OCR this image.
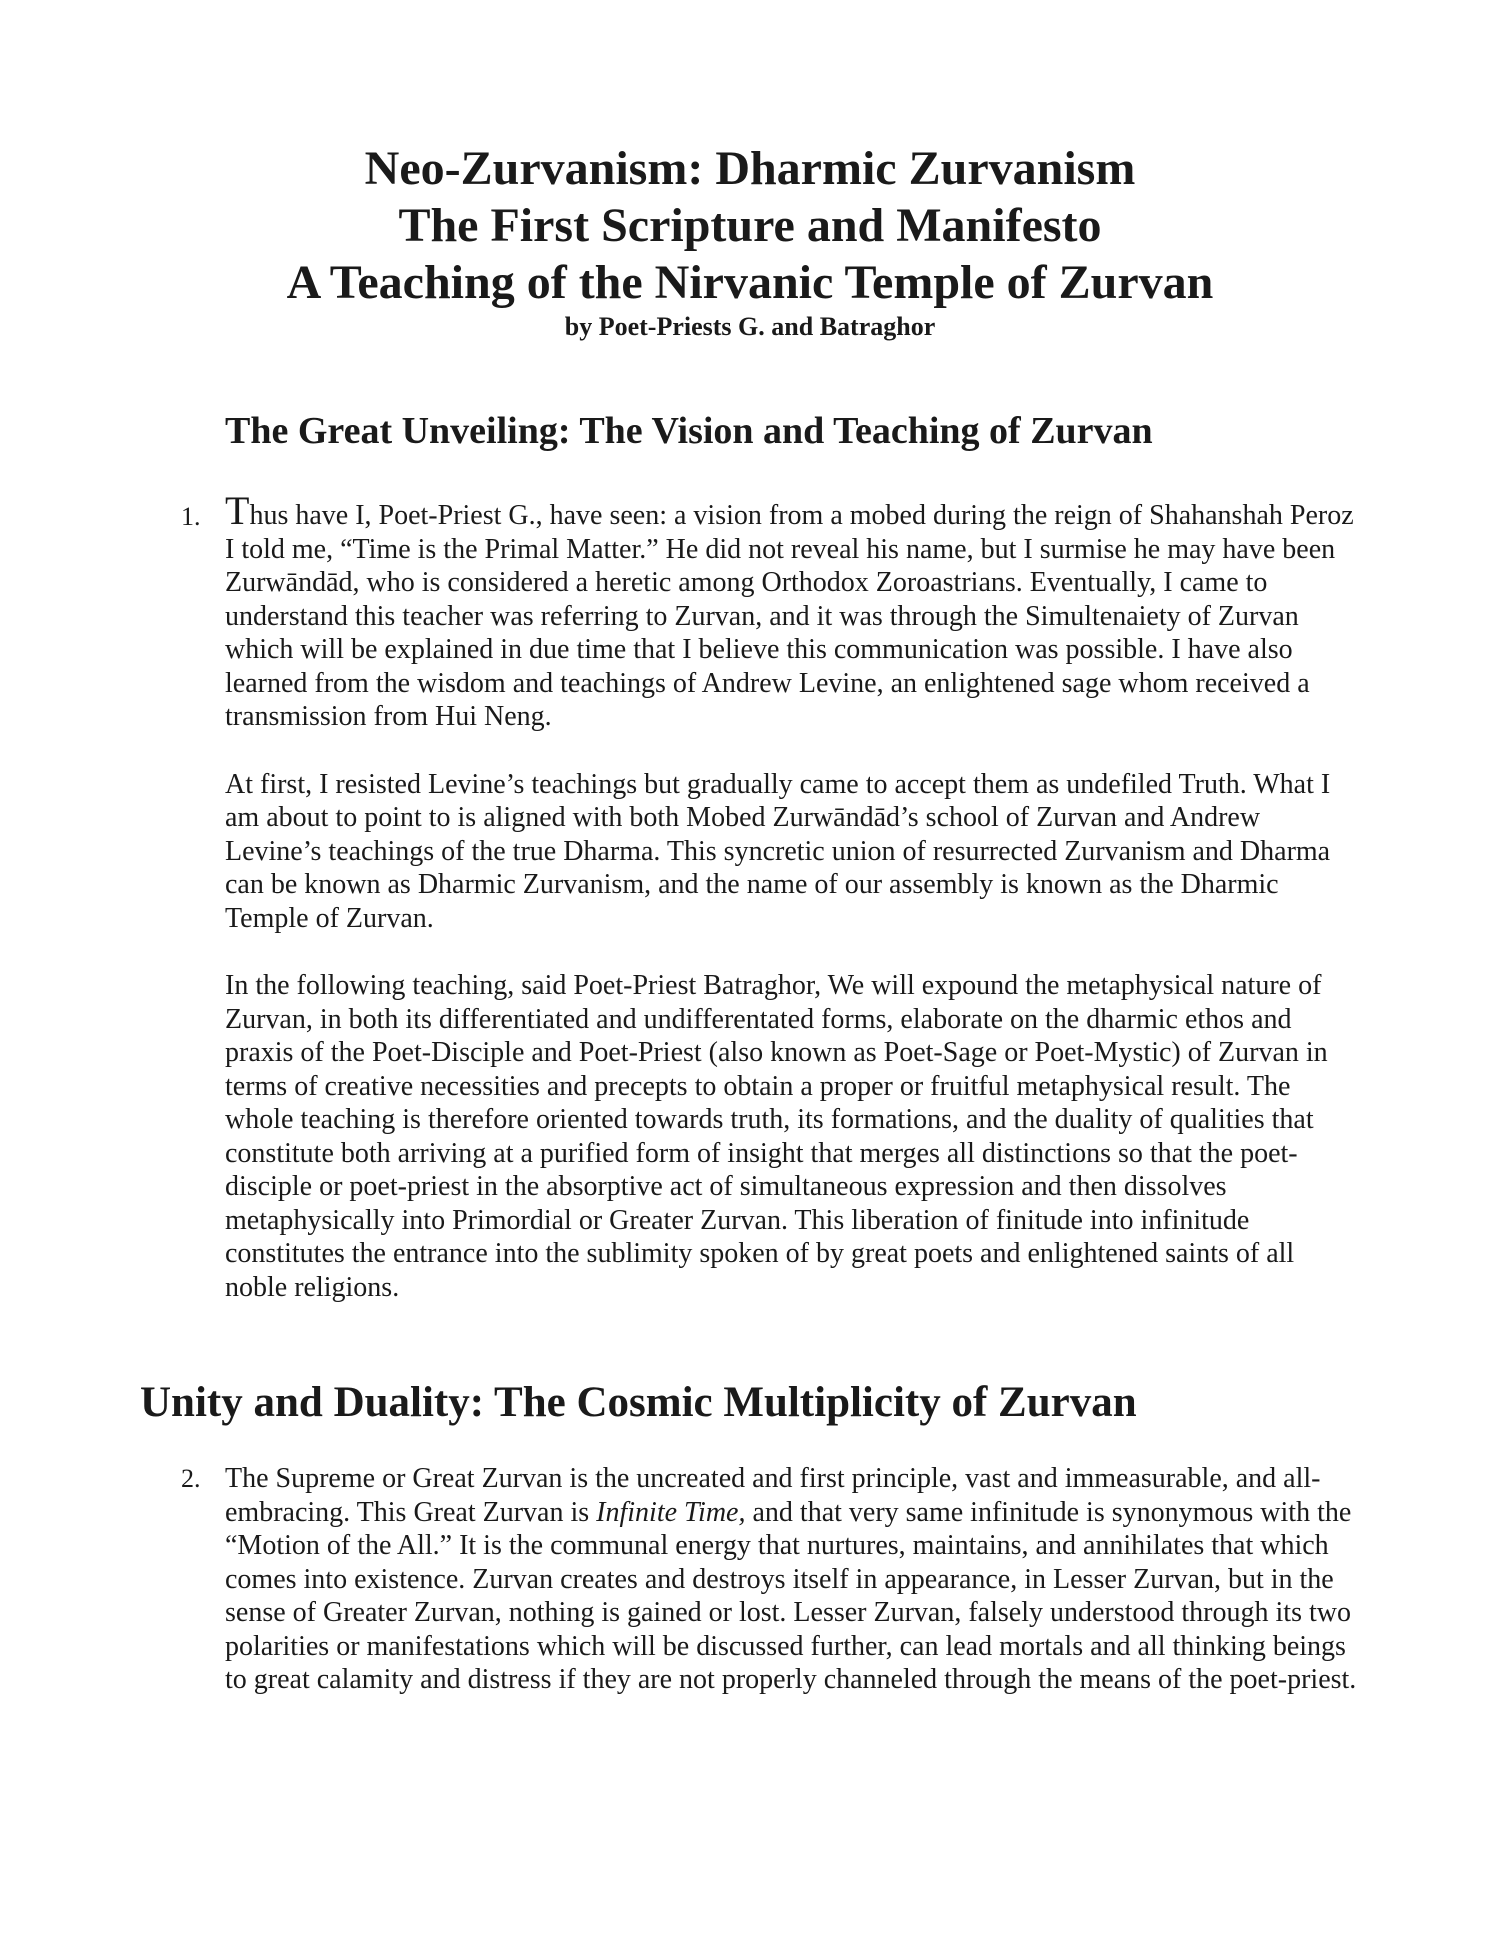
Neo-Zurvanism: Dharmic Zurvanism

The First Scripture and Manifesto

A Teaching of the Nirvanic Temple of Zurvan

by Poet-Priests G. and Batraghor

The Great Unveiling: The Vision and Teaching of Zurvan
1. Thus have I, Poet-Priest G., have seen: a vision from a mobed during the reign of Shahanshah Peroz I told me, “Time is the Primal Matter.” He did not reveal his name, but I surmise he may have been Zurwāndād, who is considered a heretic among Orthodox Zoroastrians. Eventually, I came to understand this teacher was referring to Zurvan, and it was through the Simultenaiety of Zurvan which will be explained in due time that I believe this communication was possible. I have also learned from the wisdom and teachings of Andrew Levine, an enlightened sage whom received a transmission from Hui Neng.

At first, I resisted Levine’s teachings but gradually came to accept them as undefiled Truth. What I am about to point to is aligned with both Mobed Zurwāndād’s school of Zurvan and Andrew Levine’s teachings of the true Dharma. This syncretic union of resurrected Zurvanism and Dharma can be known as Dharmic Zurvanism, and the name of our assembly is known as the Dharmic Temple of Zurvan.

In the following teaching, said Poet-Priest Batraghor, We will expound the metaphysical nature of Zurvan, in both its differentiated and undifferentated forms, elaborate on the dharmic ethos and praxis of the Poet-Disciple and Poet-Priest (also known as Poet-Sage or Poet-Mystic) of Zurvan in terms of creative necessities and precepts to obtain a proper or fruitful metaphysical result. The whole teaching is therefore oriented towards truth, its formations, and the duality of qualities that constitute both arriving at a purified form of insight that merges all distinctions so that the poet-disciple or poet-priest in the absorptive act of simultaneous expression and then dissolves metaphysically into Primordial or Greater Zurvan. This liberation of finitude into infinitude constitutes the entrance into the sublimity spoken of by great poets and enlightened saints of all noble religions.

Unity and Duality: The Cosmic Multiplicity of Zurvan
2. The Supreme or Great Zurvan is the uncreated and first principle, vast and immeasurable, and all-embracing. This Great Zurvan is Infinite Time, and that very same infinitude is synonymous with the “Motion of the All.” It is the communal energy that nurtures, maintains, and annihilates that which comes into existence. Zurvan creates and destroys itself in appearance, in Lesser Zurvan, but in the sense of Greater Zurvan, nothing is gained or lost. Lesser Zurvan, falsely understood through its two polarities or manifestations which will be discussed further, can lead mortals and all thinking beings to great calamity and distress if they are not properly channeled through the means of the poet-priest.
